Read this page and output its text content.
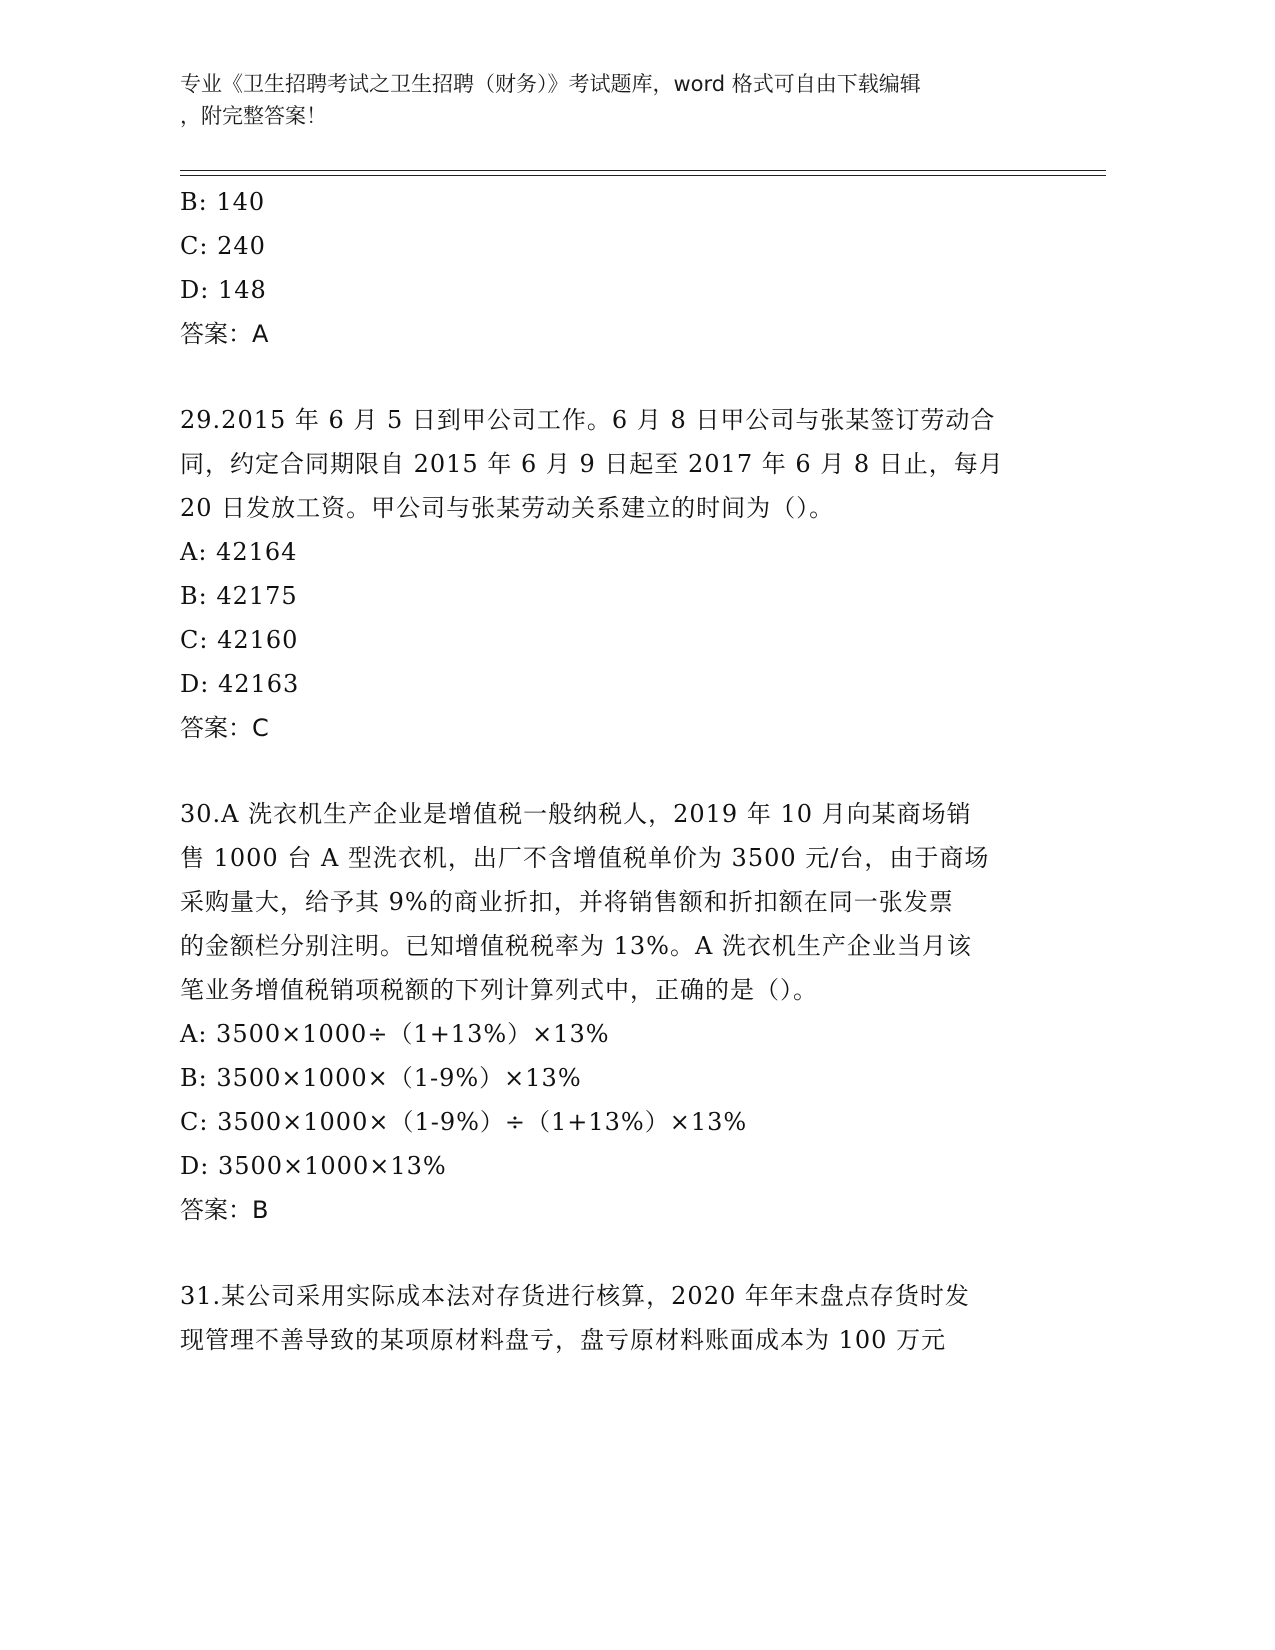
专业《卫生招聘考试之卫生招聘（财务）》考试题库，word 格式可自由下载编辑
，附完整答案！
B: 140
C: 240
D: 148
答案：A
29.2015 年 6 月 5 日到甲公司工作。6 月 8 日甲公司与张某签订劳动合
同，约定合同期限自 2015 年 6 月 9 日起至 2017 年 6 月 8 日止，每月
20 日发放工资。甲公司与张某劳动关系建立的时间为（）。
A: 42164
B: 42175
C: 42160
D: 42163
答案：C
30.A 洗衣机生产企业是增值税一般纳税人，2019 年 10 月向某商场销
售 1000 台 A 型洗衣机，出厂不含增值税单价为 3500 元/台，由于商场
采购量大，给予其 9%的商业折扣，并将销售额和折扣额在同一张发票
的金额栏分别注明。已知增值税税率为 13%。A 洗衣机生产企业当月该
笔业务增值税销项税额的下列计算列式中，正确的是（）。
A: 3500×1000÷（1+13%）×13%
B: 3500×1000×（1-9%）×13%
C: 3500×1000×（1-9%）÷（1+13%）×13%
D: 3500×1000×13%
答案：B
31.某公司采用实际成本法对存货进行核算，2020 年年末盘点存货时发
现管理不善导致的某项原材料盘亏，盘亏原材料账面成本为 100 万元
